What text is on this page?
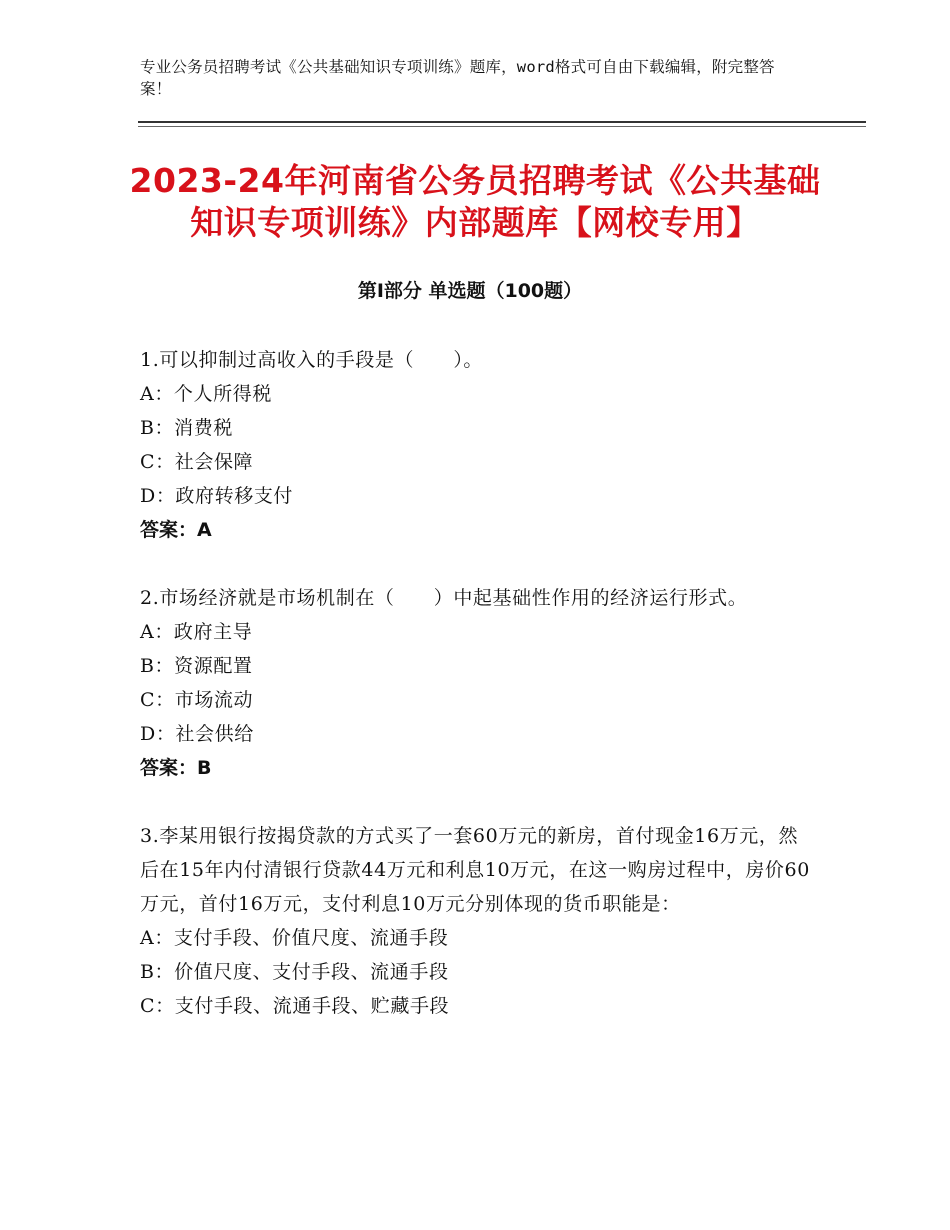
专业公务员招聘考试《公共基础知识专项训练》题库，word格式可自由下载编辑，附完整答案！
2023-24年河南省公务员招聘考试《公共基础知识专项训练》内部题库【网校专用】
第Ⅰ部分 单选题（100题）

1.可以抑制过高收入的手段是（　　）。

A：个人所得税

B：消费税

C：社会保障

D：政府转移支付

答案：A

2.市场经济就是市场机制在（　　）中起基础性作用的经济运行形式。

A：政府主导

B：资源配置

C：市场流动

D：社会供给

答案：B

3.李某用银行按揭贷款的方式买了一套60万元的新房，首付现金16万元，然后在15年内付清银行贷款44万元和利息10万元，在这一购房过程中，房价60万元，首付16万元，支付利息10万元分别体现的货币职能是：

A：支付手段、价值尺度、流通手段

B：价值尺度、支付手段、流通手段

C：支付手段、流通手段、贮藏手段
